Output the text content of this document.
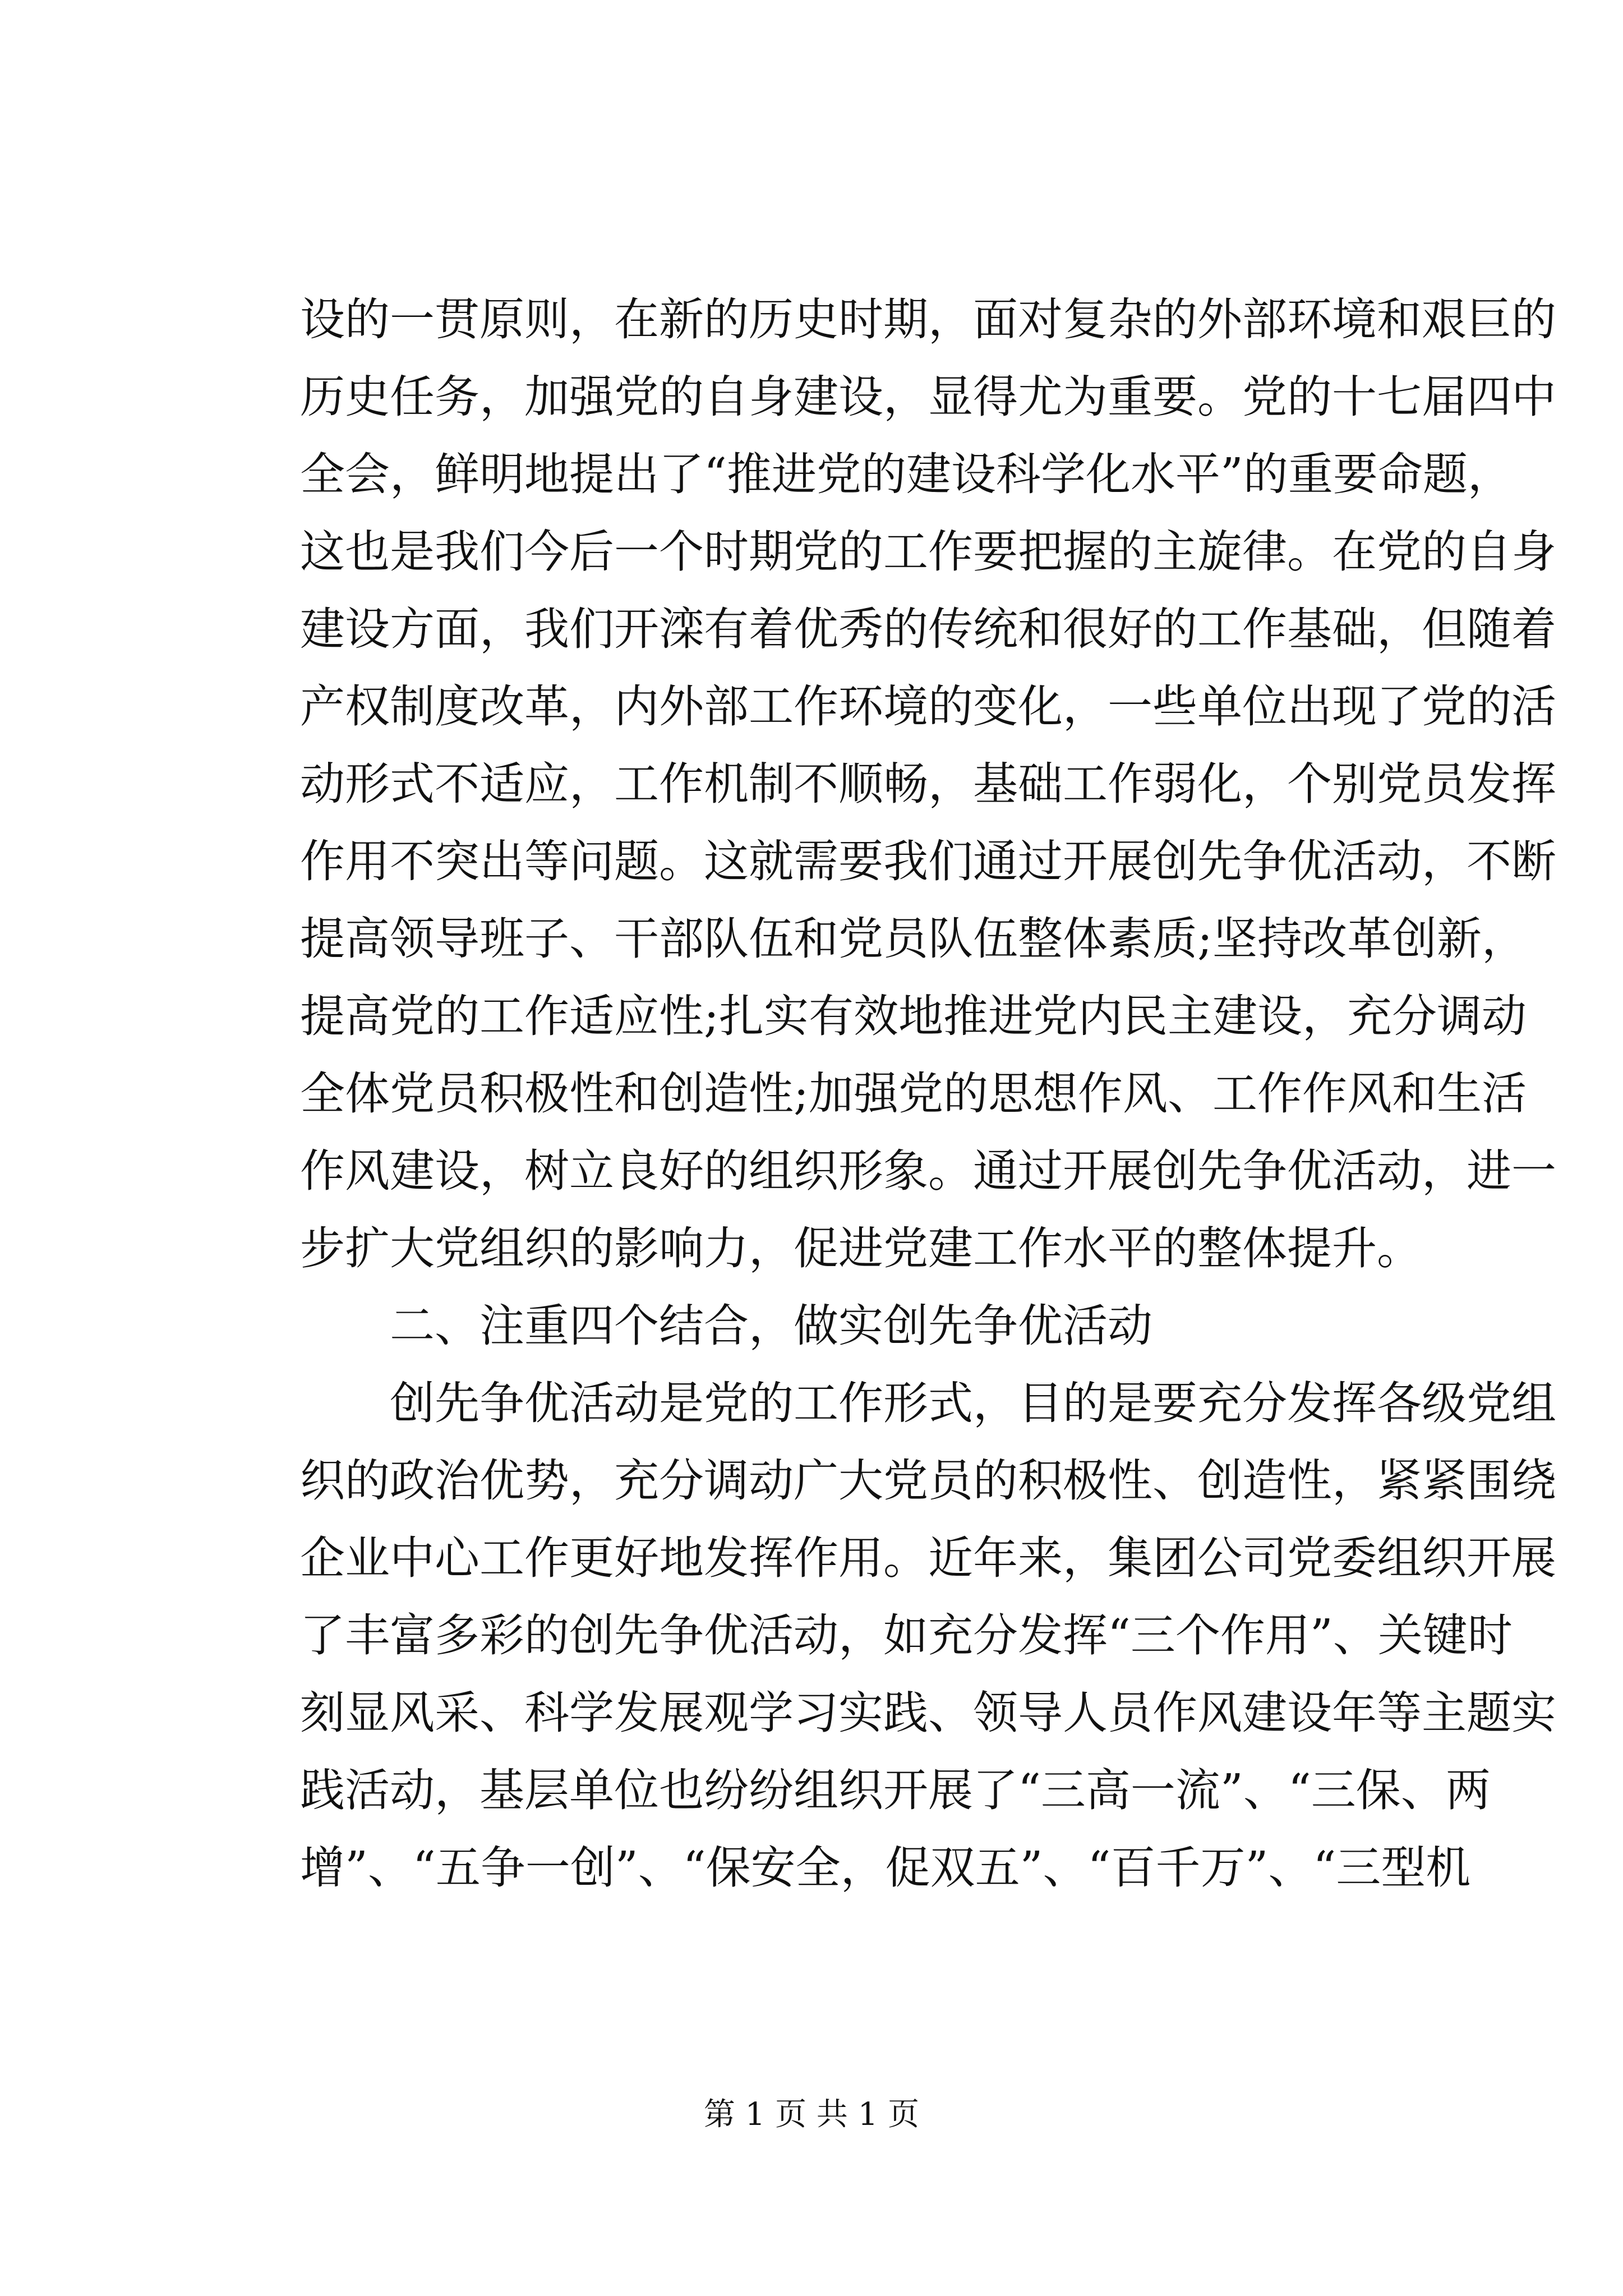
设 的 一 贯 原 则 ， 在 新 的 历 史 时 期 ， 面 对 复 杂 的 外 部 环 境 和 艰 巨 的
历 史 任 务 ， 加 强 党 的 自 身 建 设 ， 显 得 尤 为 重 要 。 党 的 十 七 届 四 中
全 会 ， 鲜 明 地 提 出 了 “ 推 进 党 的 建 设 科 学 化 水 平 ” 的 重 要 命 题 ，
这 也 是 我 们 今 后 一 个 时 期 党 的 工 作 要 把 握 的 主 旋 律 。 在 党 的 自 身
建 设 方 面 ， 我 们 开 滦 有 着 优 秀 的 传 统 和 很 好 的 工 作 基 础 ， 但 随 着
产 权 制 度 改 革 ， 内 外 部 工 作 环 境 的 变 化 ， 一 些 单 位 出 现 了 党 的 活
动 形 式 不 适 应 ， 工 作 机 制 不 顺 畅 ， 基 础 工 作 弱 化 ， 个 别 党 员 发 挥
作 用 不 突 出 等 问 题 。 这 就 需 要 我 们 通 过 开 展 创 先 争 优 活 动 ， 不 断
提 高 领 导 班 子 、 干 部 队 伍 和 党 员 队 伍 整 体 素 质 ; 坚 持 改 革 创 新 ，
提 高 党 的 工 作 适 应 性 ; 扎 实 有 效 地 推 进 党 内 民 主 建 设 ， 充 分 调 动
全 体 党 员 积 极 性 和 创 造 性 ; 加 强 党 的 思 想 作 风 、 工 作 作 风 和 生 活
作 风 建 设 ， 树 立 良 好 的 组 织 形 象 。 通 过 开 展 创 先 争 优 活 动 ， 进 一
步扩大党组织的影响力，促进党建工作水平的整体提升。
二、注重四个结合，做实创先争优活动
创先争优活动是党的工作形式，目的是要充分发挥各级党组
织 的 政 治 优 势 ， 充 分 调 动 广 大 党 员 的 积 极 性 、 创 造 性 ， 紧 紧 围 绕
企 业 中 心 工 作 更 好 地 发 挥 作 用 。 近 年 来 ， 集 团 公 司 党 委 组 织 开 展
了 丰 富 多 彩 的 创 先 争 优 活 动 ， 如 充 分 发 挥 “ 三 个 作 用 ” 、 关 键 时
刻 显 风 采 、 科 学 发 展 观 学 习 实 践 、 领 导 人 员 作 风 建 设 年 等 主 题 实
践 活 动 ， 基 层 单 位 也 纷 纷 组 织 开 展 了 “ 三 高 一 流 ” 、 “ 三 保 、 两
增 ” 、 “ 五 争 一 创 ” 、 “ 保 安 全 ， 促 双 五 ” 、 “ 百 千 万 ” 、 “ 三 型 机
第 1 页 共 1 页
